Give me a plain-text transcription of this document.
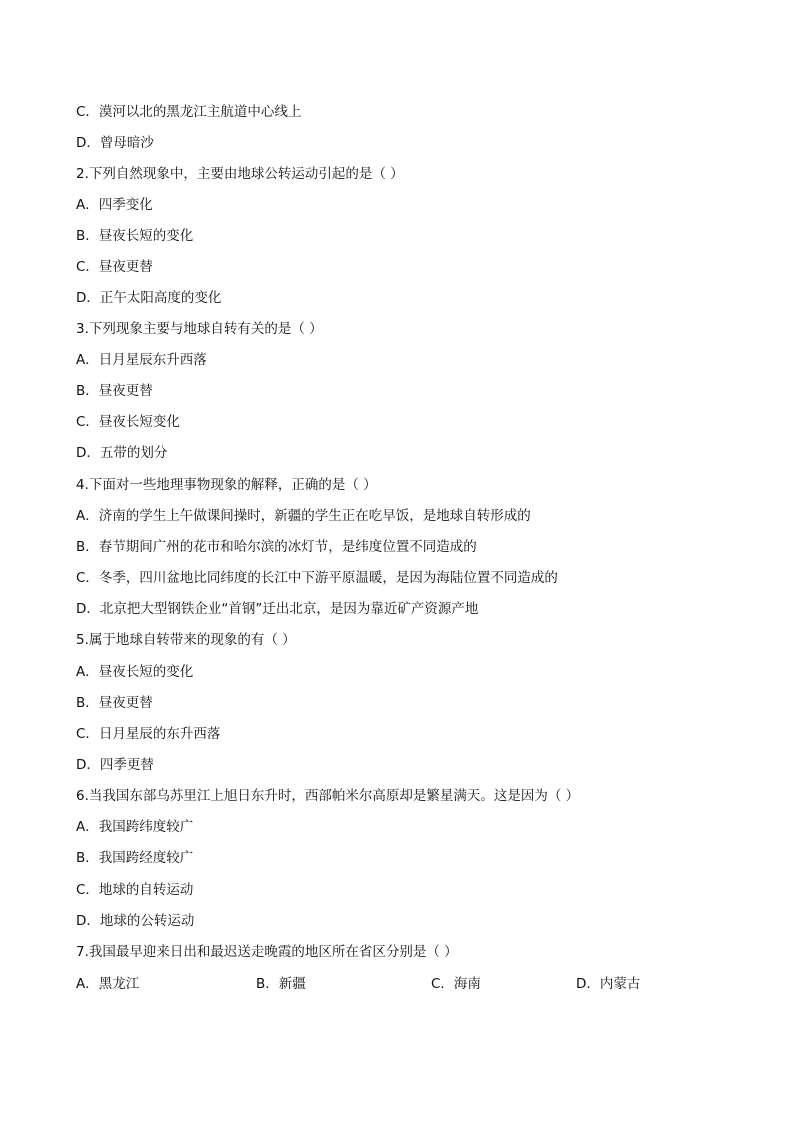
C．漠河以北的黑龙江主航道中心线上
D．曾母暗沙
2.下列自然现象中，主要由地球公转运动引起的是（ ）
A．四季变化
B．昼夜长短的变化
C．昼夜更替
D．正午太阳高度的变化
3.下列现象主要与地球自转有关的是（ ）
A．日月星辰东升西落
B．昼夜更替
C．昼夜长短变化
D．五带的划分
4.下面对一些地理事物现象的解释，正确的是（ ）
A．济南的学生上午做课间操时，新疆的学生正在吃早饭，是地球自转形成的
B．春节期间广州的花市和哈尔滨的冰灯节，是纬度位置不同造成的
C．冬季，四川盆地比同纬度的长江中下游平原温暖，是因为海陆位置不同造成的
D．北京把大型钢铁企业“首钢”迁出北京，是因为靠近矿产资源产地
5.属于地球自转带来的现象的有（ ）
A．昼夜长短的变化
B．昼夜更替
C．日月星辰的东升西落
D．四季更替
6.当我国东部乌苏里江上旭日东升时，西部帕米尔高原却是繁星满天。这是因为（ ）
A．我国跨纬度较广
B．我国跨经度较广
C．地球的自转运动
D．地球的公转运动
7.我国最早迎来日出和最迟送走晚霞的地区所在省区分别是（ ）
A．黑龙江	B．新疆	C．海南	D．内蒙古
